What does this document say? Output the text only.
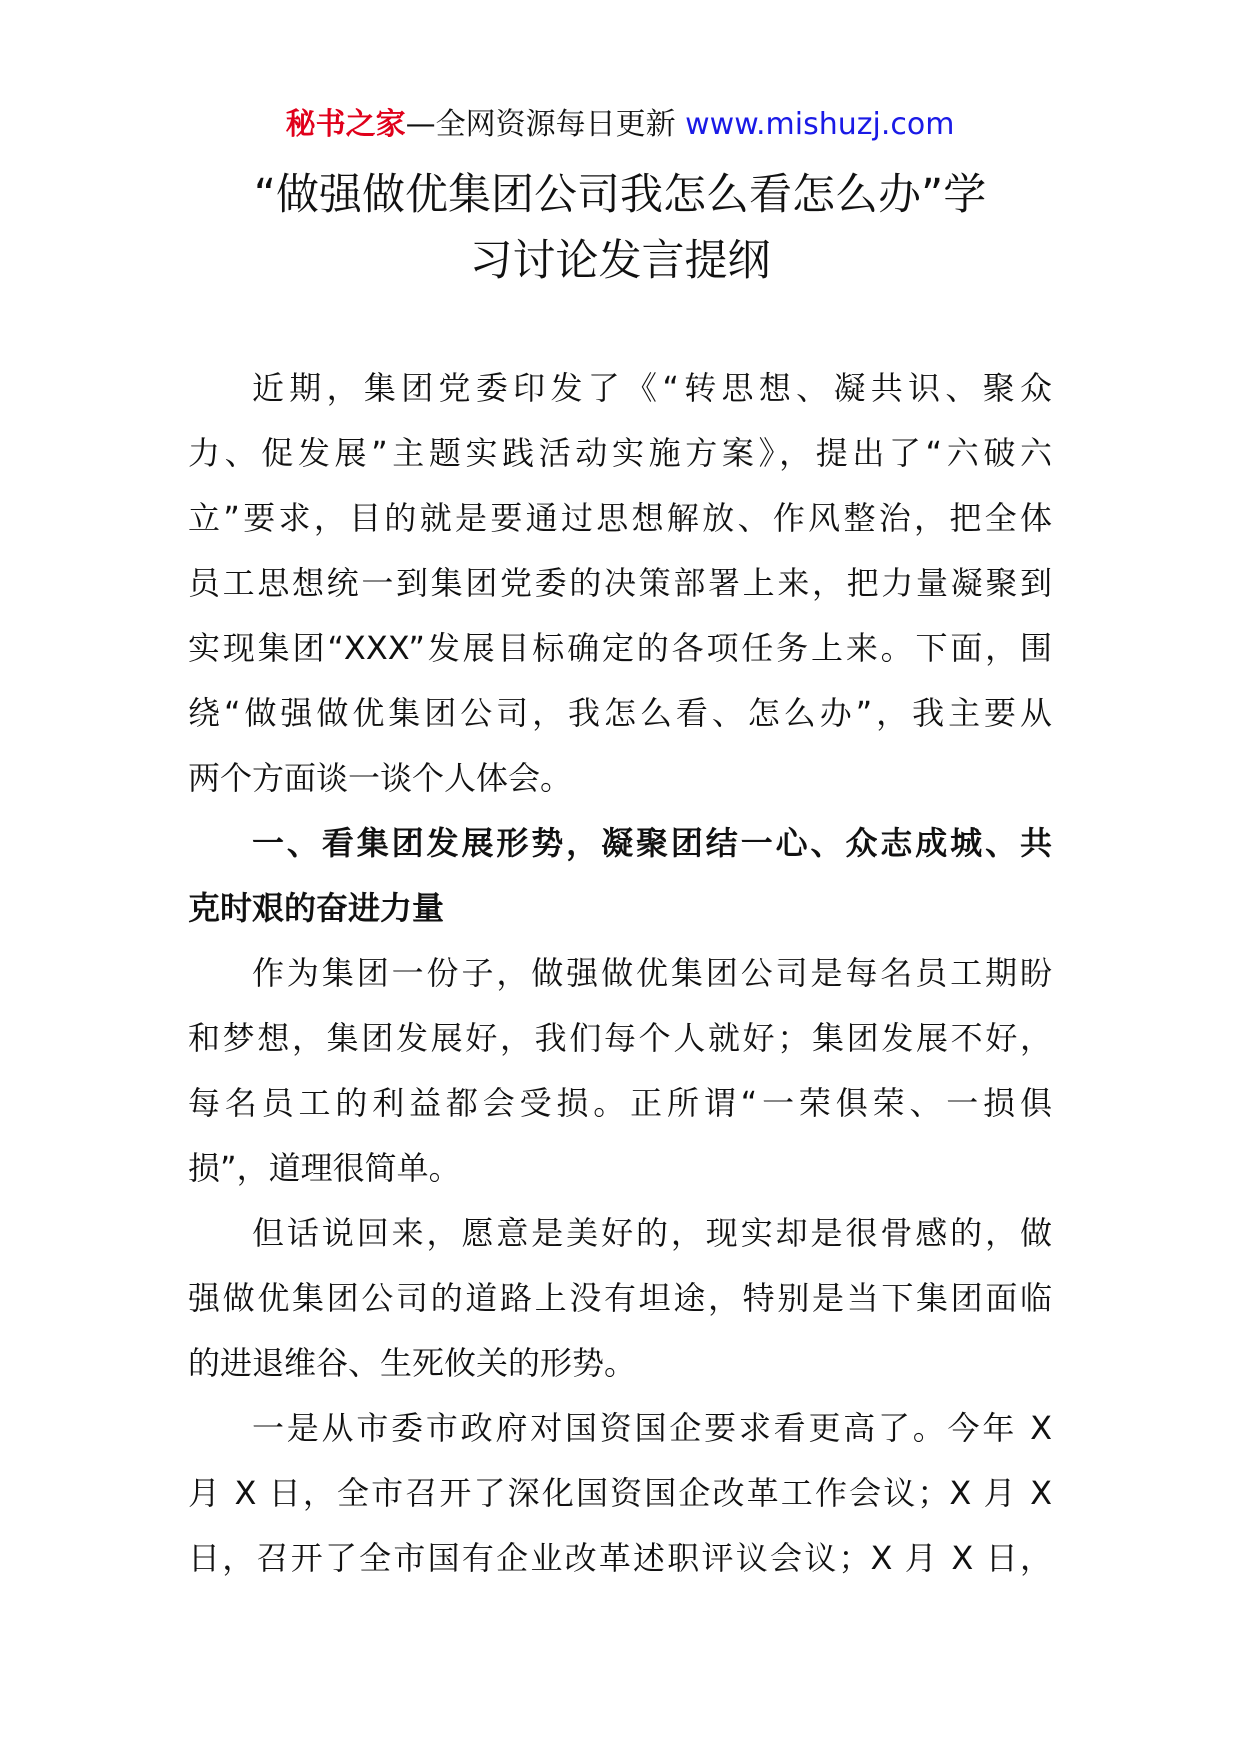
秘书之家—全网资源每日更新 www.mishuzj.com
“做强做优集团公司我怎么看怎么办”学
习讨论发言提纲

近期，集团党委印发了《“转思想、凝共识、聚众
力、促发展”主题实践活动实施方案》，提出了“六破六
立”要求，目的就是要通过思想解放、作风整治，把全体
员工思想统一到集团党委的决策部署上来，把力量凝聚到
实现集团“XXX”发展目标确定的各项任务上来。下面，围
绕“做强做优集团公司，我怎么看、怎么办”，我主要从
两个方面谈一谈个人体会。

一、看集团发展形势，凝聚团结一心、众志成城、共
克时艰的奋进力量

作为集团一份子，做强做优集团公司是每名员工期盼
和梦想，集团发展好，我们每个人就好；集团发展不好，
每名员工的利益都会受损。正所谓“一荣俱荣、一损俱
损”，道理很简单。

但话说回来，愿意是美好的，现实却是很骨感的，做
强做优集团公司的道路上没有坦途，特别是当下集团面临
的进退维谷、生死攸关的形势。

一是从市委市政府对国资国企要求看更高了。今年 X
月 X 日，全市召开了深化国资国企改革工作会议；X 月 X
日，召开了全市国有企业改革述职评议会议；X 月 X 日，
